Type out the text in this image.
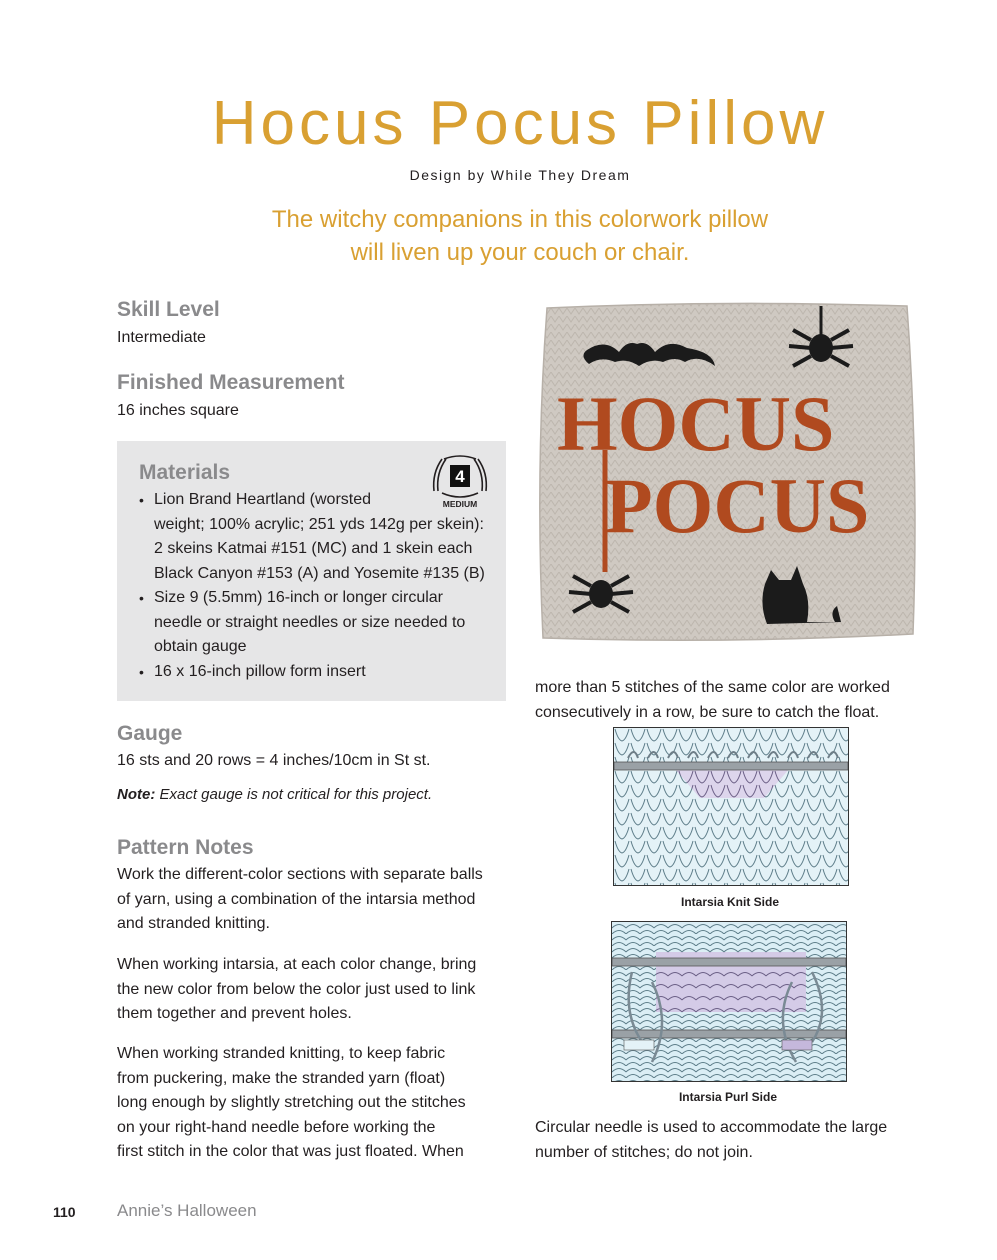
Hocus Pocus Pillow
Design by While They Dream
The witchy companions in this colorwork pillow
will liven up your couch or chair.
Skill Level
Intermediate
Finished Measurement
16 inches square
Materials	4
MEDIUM
• Lion Brand Heartland (worsted
weight; 100% acrylic; 251 yds 142g per skein):
2 skeins Katmai #151 (MC) and 1 skein each
Black Canyon #153 (A) and Yosemite #135 (B)
• Size 9 (5.5mm) 16-inch or longer circular
needle or straight needles or size needed to
obtain gauge
• 16 x 16-inch pillow form insert
Gauge
16 sts and 20 rows = 4 inches/10cm in St st.
Note: Exact gauge is not critical for this project.
Pattern Notes
Work the different-color sections with separate balls
of yarn, using a combination of the intarsia method
and stranded knitting.
When working intarsia, at each color change, bring
the new color from below the color just used to link
them together and prevent holes.
When working stranded knitting, to keep fabric
from puckering, make the stranded yarn (float)
long enough by slightly stretching out the stitches
on your right-hand needle before working the
first stitch in the color that was just floated. When
HOCUS
POCUS
more than 5 stitches of the same color are worked
consecutively in a row, be sure to catch the float.
Intarsia Knit Side
Intarsia Purl Side
Circular needle is used to accommodate the large
number of stitches; do not join.
110 Annie’s Halloween
